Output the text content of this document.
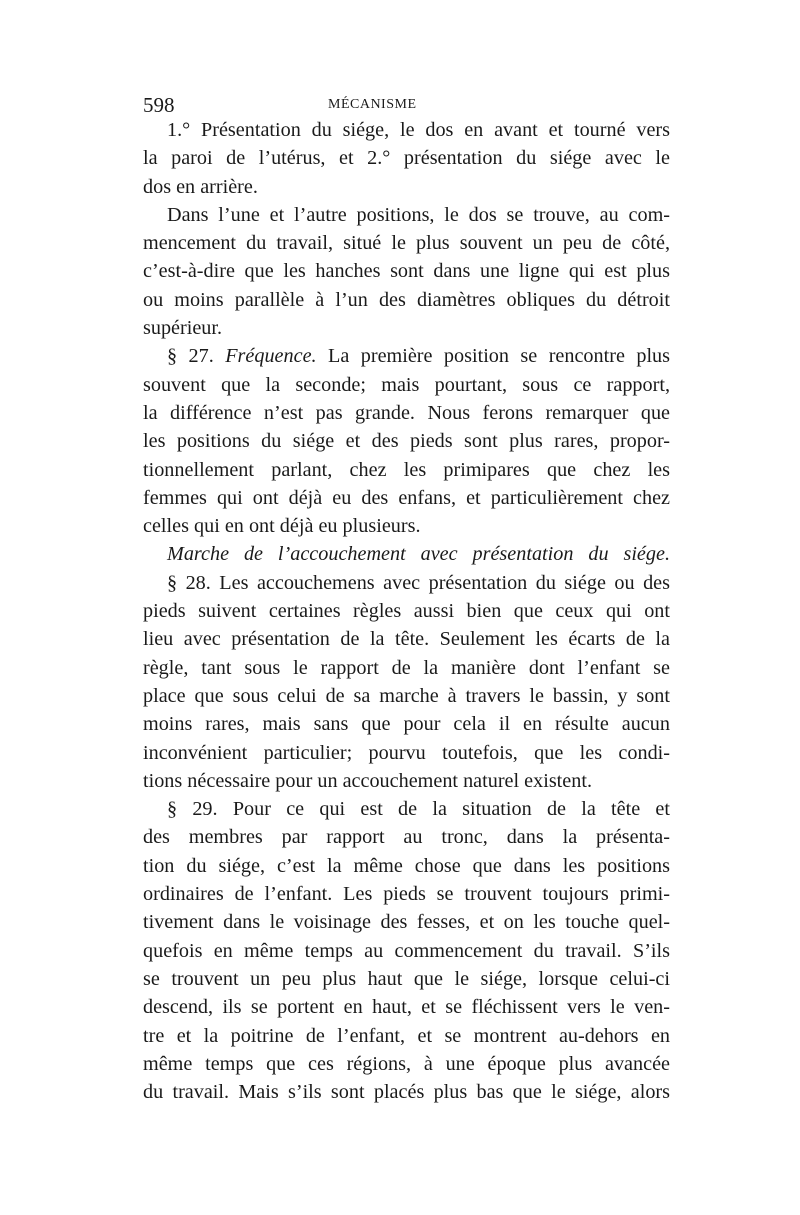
598	MÉCANISME
1.° Présentation du siége, le dos en avant et tourné vers
la paroi de l’utérus, et 2.° présentation du siége avec le
dos en arrière.
Dans l’une et l’autre positions, le dos se trouve, au com-
mencement du travail, situé le plus souvent un peu de côté,
c’est-à-dire que les hanches sont dans une ligne qui est plus
ou moins parallèle à l’un des diamètres obliques du détroit
supérieur.
§ 27. Fréquence. La première position se rencontre plus
souvent que la seconde; mais pourtant, sous ce rapport,
la différence n’est pas grande. Nous ferons remarquer que
les positions du siége et des pieds sont plus rares, propor-
tionnellement parlant, chez les primipares que chez les
femmes qui ont déjà eu des enfans, et particulièrement chez
celles qui en ont déjà eu plusieurs.
Marche de l’accouchement avec présentation du siége.
§ 28. Les accouchemens avec présentation du siége ou des
pieds suivent certaines règles aussi bien que ceux qui ont
lieu avec présentation de la tête. Seulement les écarts de la
règle, tant sous le rapport de la manière dont l’enfant se
place que sous celui de sa marche à travers le bassin, y sont
moins rares, mais sans que pour cela il en résulte aucun
inconvénient particulier; pourvu toutefois, que les condi-
tions nécessaire pour un accouchement naturel existent.
§ 29. Pour ce qui est de la situation de la tête et
des membres par rapport au tronc, dans la présenta-
tion du siége, c’est la même chose que dans les positions
ordinaires de l’enfant. Les pieds se trouvent toujours primi-
tivement dans le voisinage des fesses, et on les touche quel-
quefois en même temps au commencement du travail. S’ils
se trouvent un peu plus haut que le siége, lorsque celui-ci
descend, ils se portent en haut, et se fléchissent vers le ven-
tre et la poitrine de l’enfant, et se montrent au-dehors en
même temps que ces régions, à une époque plus avancée
du travail. Mais s’ils sont placés plus bas que le siége, alors
